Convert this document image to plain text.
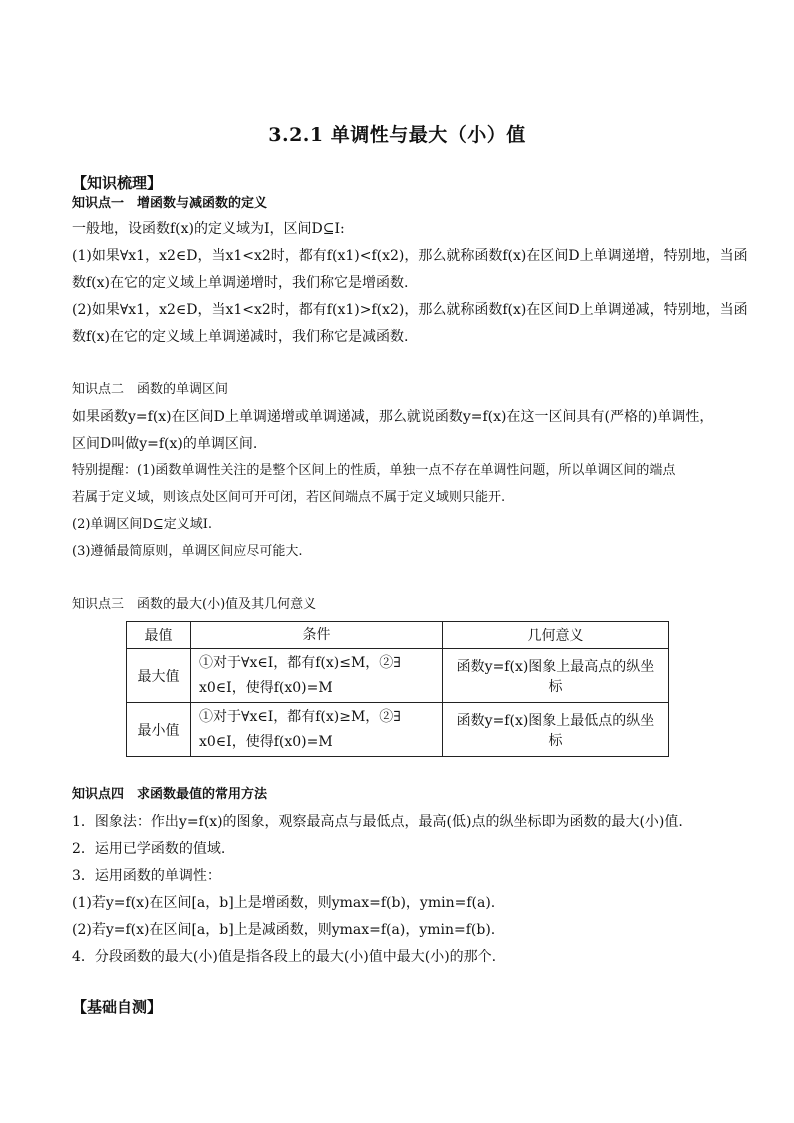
3.2.1 单调性与最大（小）值
【知识梳理】
知识点一　增函数与减函数的定义
一般地，设函数f(x)的定义域为I，区间D⊆I:
(1)如果∀x1，x2∈D，当x1<x2时，都有f(x1)<f(x2)，那么就称函数f(x)在区间D上单调递增，特别地，当函
数f(x)在它的定义域上单调递增时，我们称它是增函数.
(2)如果∀x1，x2∈D，当x1<x2时，都有f(x1)>f(x2)，那么就称函数f(x)在区间D上单调递减，特别地，当函
数f(x)在它的定义域上单调递减时，我们称它是减函数.
知识点二　函数的单调区间
如果函数y=f(x)在区间D上单调递增或单调递减，那么就说函数y=f(x)在这一区间具有(严格的)单调性，
区间D叫做y=f(x)的单调区间.
特别提醒：(1)函数单调性关注的是整个区间上的性质，单独一点不存在单调性问题，所以单调区间的端点
若属于定义域，则该点处区间可开可闭，若区间端点不属于定义域则只能开.
(2)单调区间D⊆定义域I.
(3)遵循最简原则，单调区间应尽可能大.
知识点三　函数的最大(小)值及其几何意义
最值	条件	几何意义
最大值	①对于∀x∈I，都有f(x)≤M，②∃
x0∈I，使得f(x0)=M	函数y=f(x)图象上最高点的纵坐标
最小值	①对于∀x∈I，都有f(x)≥M，②∃
x0∈I，使得f(x0)=M	函数y=f(x)图象上最低点的纵坐标
知识点四　求函数最值的常用方法
1．图象法：作出y=f(x)的图象，观察最高点与最低点，最高(低)点的纵坐标即为函数的最大(小)值.
2．运用已学函数的值域.
3．运用函数的单调性：
(1)若y=f(x)在区间[a，b]上是增函数，则ymax=f(b)，ymin=f(a).
(2)若y=f(x)在区间[a，b]上是减函数，则ymax=f(a)，ymin=f(b).
4．分段函数的最大(小)值是指各段上的最大(小)值中最大(小)的那个.
【基础自测】
